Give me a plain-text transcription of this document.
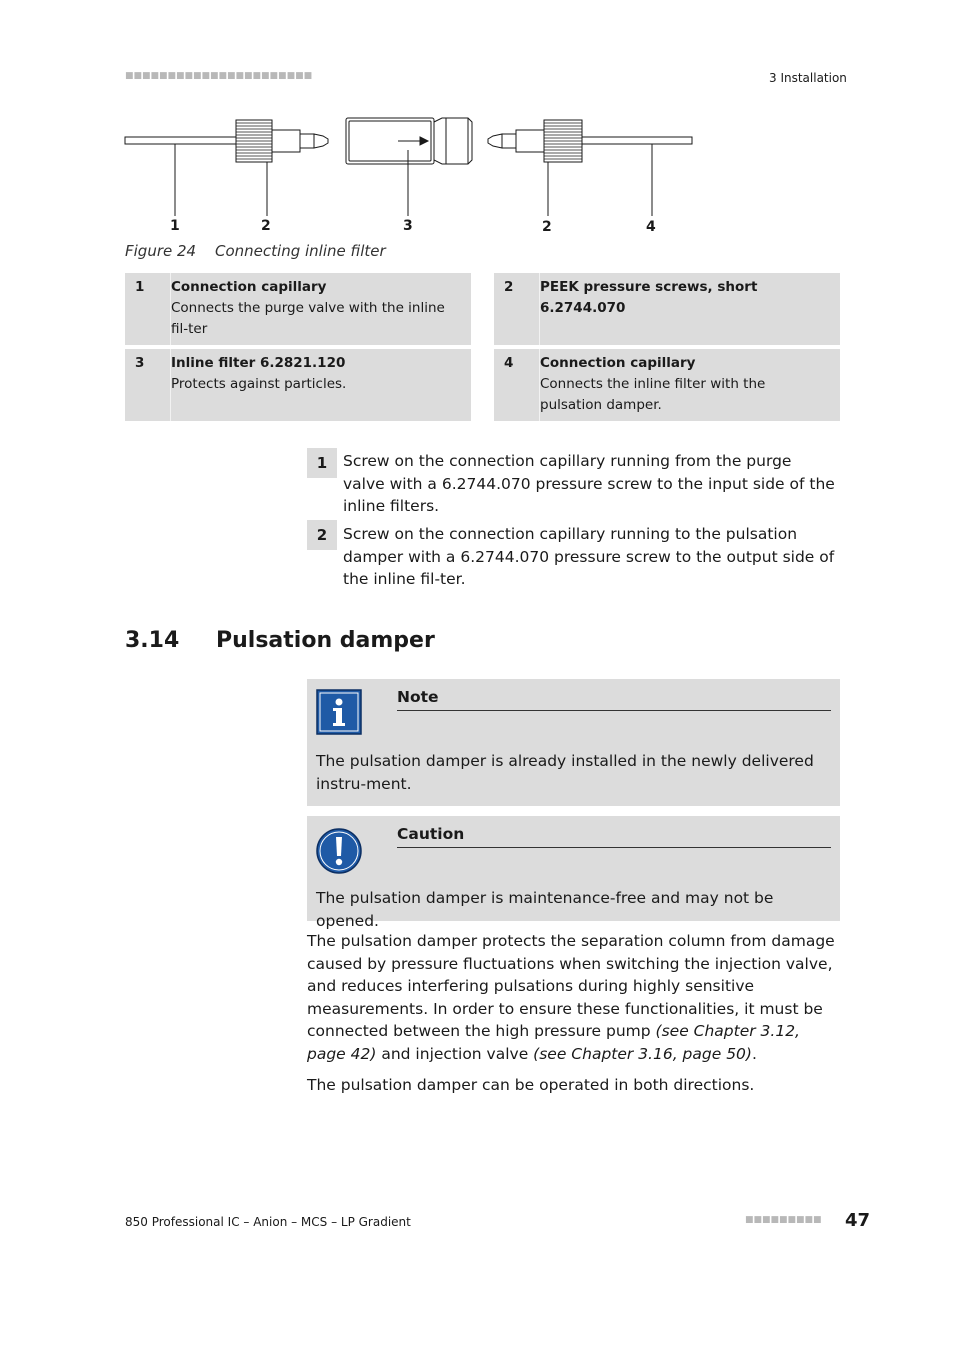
■■■■■■■■■■■■■■■■■■■■■■	3 Installation
1	2	3	2	4
Figure 24 Connecting inline filter
1 Connection capillary
Connects the purge valve with the inline fil-ter
2 PEEK pressure screws, short 6.2744.070
3 Inline filter 6.2821.120
Protects against particles.
4 Connection capillary
Connects the inline filter with the pulsation damper.
1	Screw on the connection capillary running from the purge valve with a 6.2744.070 pressure screw to the input side of the inline filters.
2	Screw on the connection capillary running to the pulsation damper with a 6.2744.070 pressure screw to the output side of the inline fil-ter.
3.14 Pulsation damper
Note
The pulsation damper is already installed in the newly delivered instru-ment.
Caution
The pulsation damper is maintenance-free and may not be opened.
The pulsation damper protects the separation column from damage caused by pressure fluctuations when switching the injection valve, and reduces interfering pulsations during highly sensitive measurements. In order to ensure these functionalities, it must be connected between the high pressure pump (see Chapter 3.12, page 42) and injection valve (see Chapter 3.16, page 50).
The pulsation damper can be operated in both directions.
850 Professional IC – Anion – MCS – LP Gradient	■■■■■■■■■ 47
